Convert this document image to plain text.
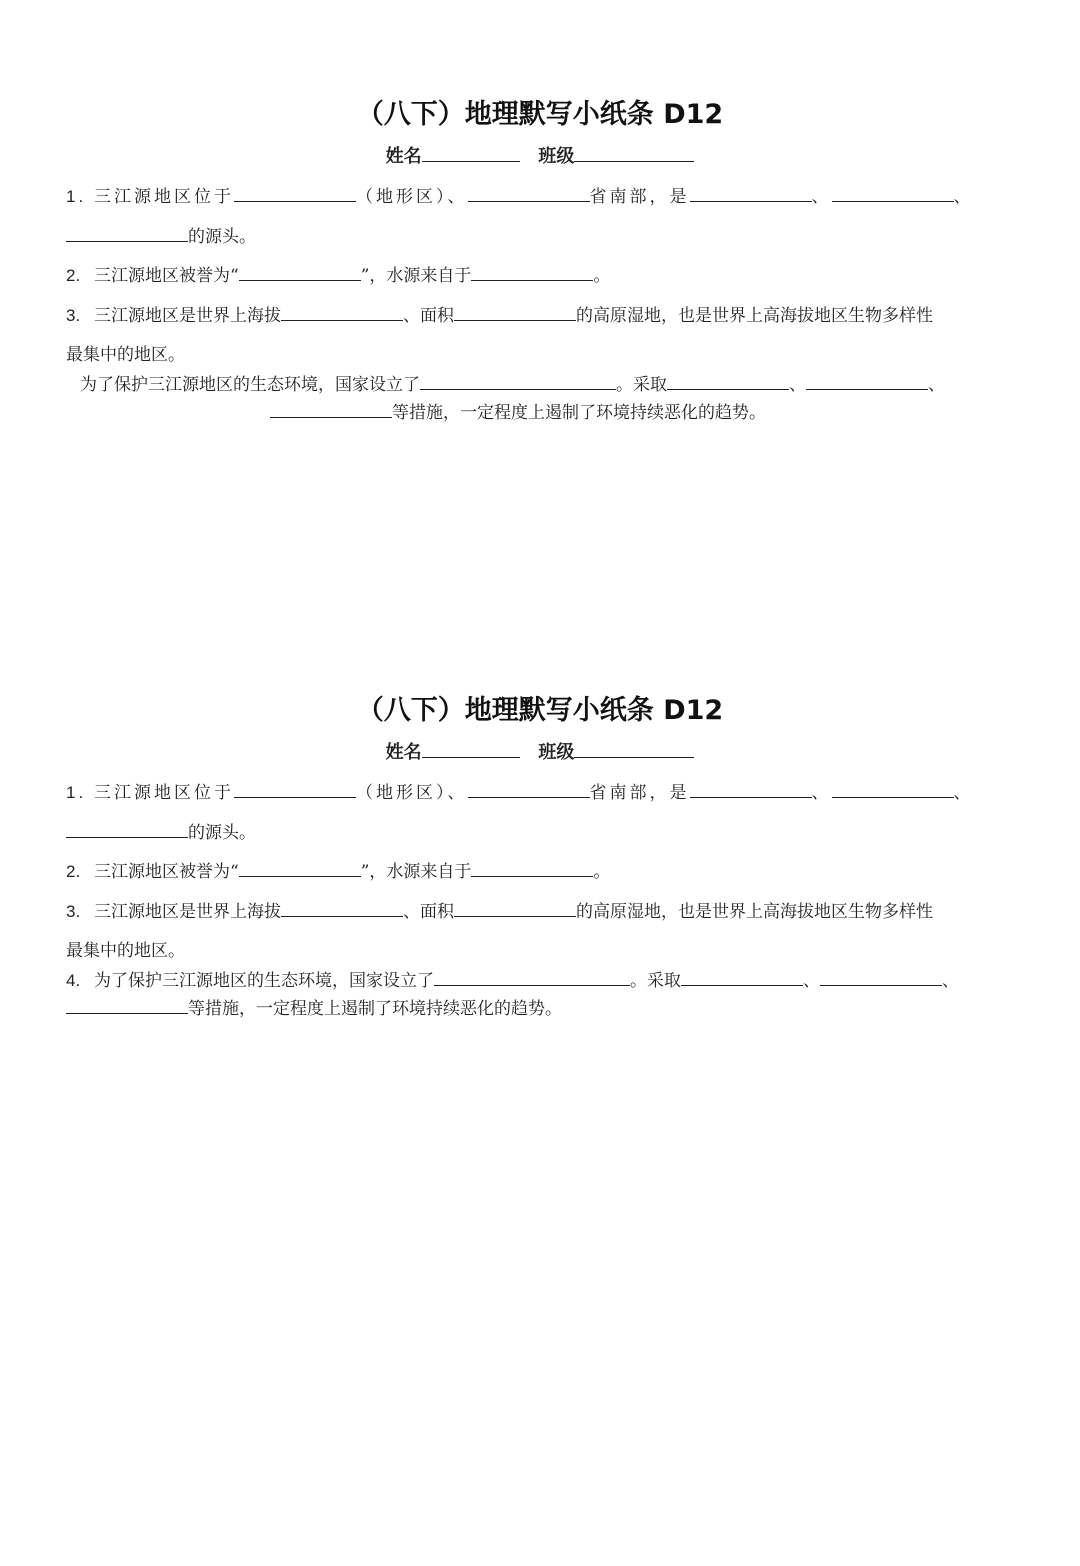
（八下）地理默写小纸条 D12
姓名	班级
1. 三江源地区位于	（地形区）、	省南部，是	、	、
的源头。
2. 三江源地区被誉为“	”，水源来自于	。
3. 三江源地区是世界上海拔	、面积	的高原湿地，也是世界上高海拔地区生物多样性
最集中的地区。
为了保护三江源地区的生态环境，国家设立了	。采取	、	、
等措施，一定程度上遏制了环境持续恶化的趋势。
（八下）地理默写小纸条 D12
姓名	班级
1. 三江源地区位于	（地形区）、	省南部，是	、	、
的源头。
2. 三江源地区被誉为“	”，水源来自于	。
3. 三江源地区是世界上海拔	、面积	的高原湿地，也是世界上高海拔地区生物多样性
最集中的地区。
4. 为了保护三江源地区的生态环境，国家设立了	。采取	、	、
等措施，一定程度上遏制了环境持续恶化的趋势。
